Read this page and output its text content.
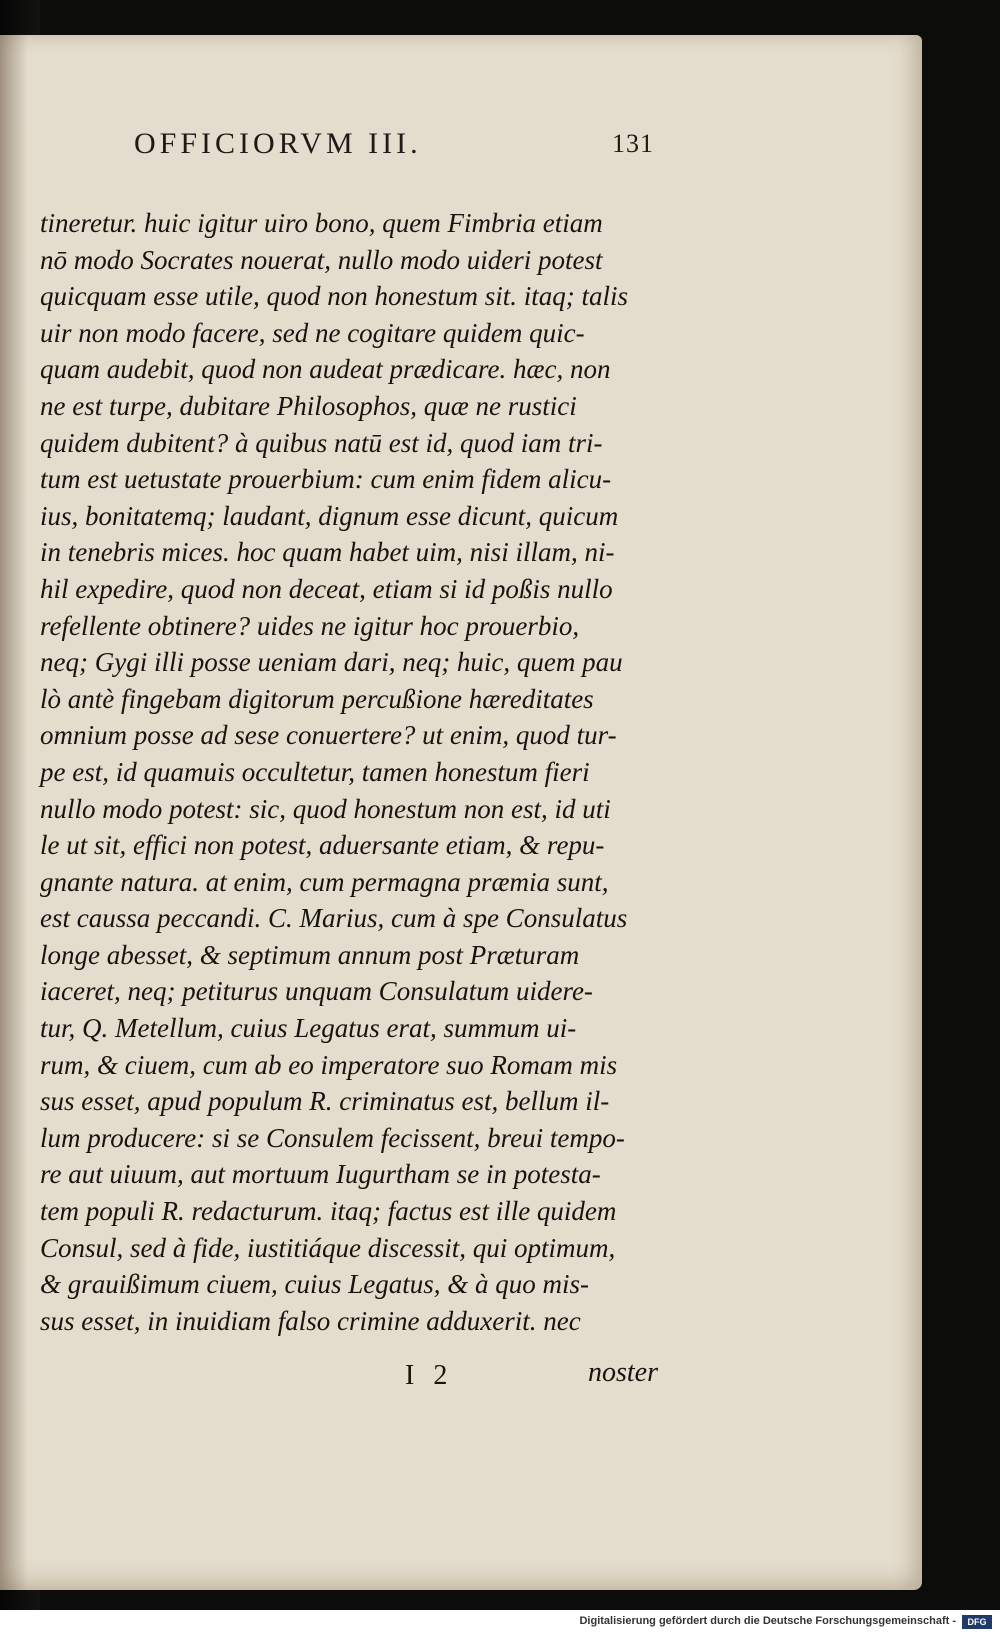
OFFICIORVM III.	131
tineretur. huic igitur uiro bono, quem Fimbria etiam
nō modo Socrates nouerat, nullo modo uideri potest
quicquam esse utile, quod non honestum sit. itaq; talis
uir non modo facere, sed ne cogitare quidem quic-
quam audebit, quod non audeat prædicare. hæc, non
ne est turpe, dubitare Philosophos, quæ ne rustici
quidem dubitent? à quibus natū est id, quod iam tri-
tum est uetustate prouerbium: cum enim fidem alicu-
ius, bonitatemq; laudant, dignum esse dicunt, quicum
in tenebris mices. hoc quam habet uim, nisi illam, ni-
hil expedire, quod non deceat, etiam si id poßis nullo
refellente obtinere? uides ne igitur hoc prouerbio,
neq; Gygi illi posse ueniam dari, neq; huic, quem pau
lò antè fingebam digitorum percußione hæreditates
omnium posse ad sese conuertere? ut enim, quod tur-
pe est, id quamuis occultetur, tamen honestum fieri
nullo modo potest: sic, quod honestum non est, id uti
le ut sit, effici non potest, aduersante etiam, & repu-
gnante natura. at enim, cum permagna præmia sunt,
est caussa peccandi. C. Marius, cum à spe Consulatus
longe abesset, & septimum annum post Præturam
iaceret, neq; petiturus unquam Consulatum uidere-
tur, Q. Metellum, cuius Legatus erat, summum ui-
rum, & ciuem, cum ab eo imperatore suo Romam mis
sus esset, apud populum R. criminatus est, bellum il-
lum producere: si se Consulem fecissent, breui tempo-
re aut uiuum, aut mortuum Iugurtham se in potesta-
tem populi R. redacturum. itaq; factus est ille quidem
Consul, sed à fide, iustitiáque discessit, qui optimum,
& grauißimum ciuem, cuius Legatus, & à quo mis-
sus esset, in inuidiam falso crimine adduxerit. nec
I 2	noster
Digitalisierung gefördert durch die Deutsche Forschungsgemeinschaft -	DFG
